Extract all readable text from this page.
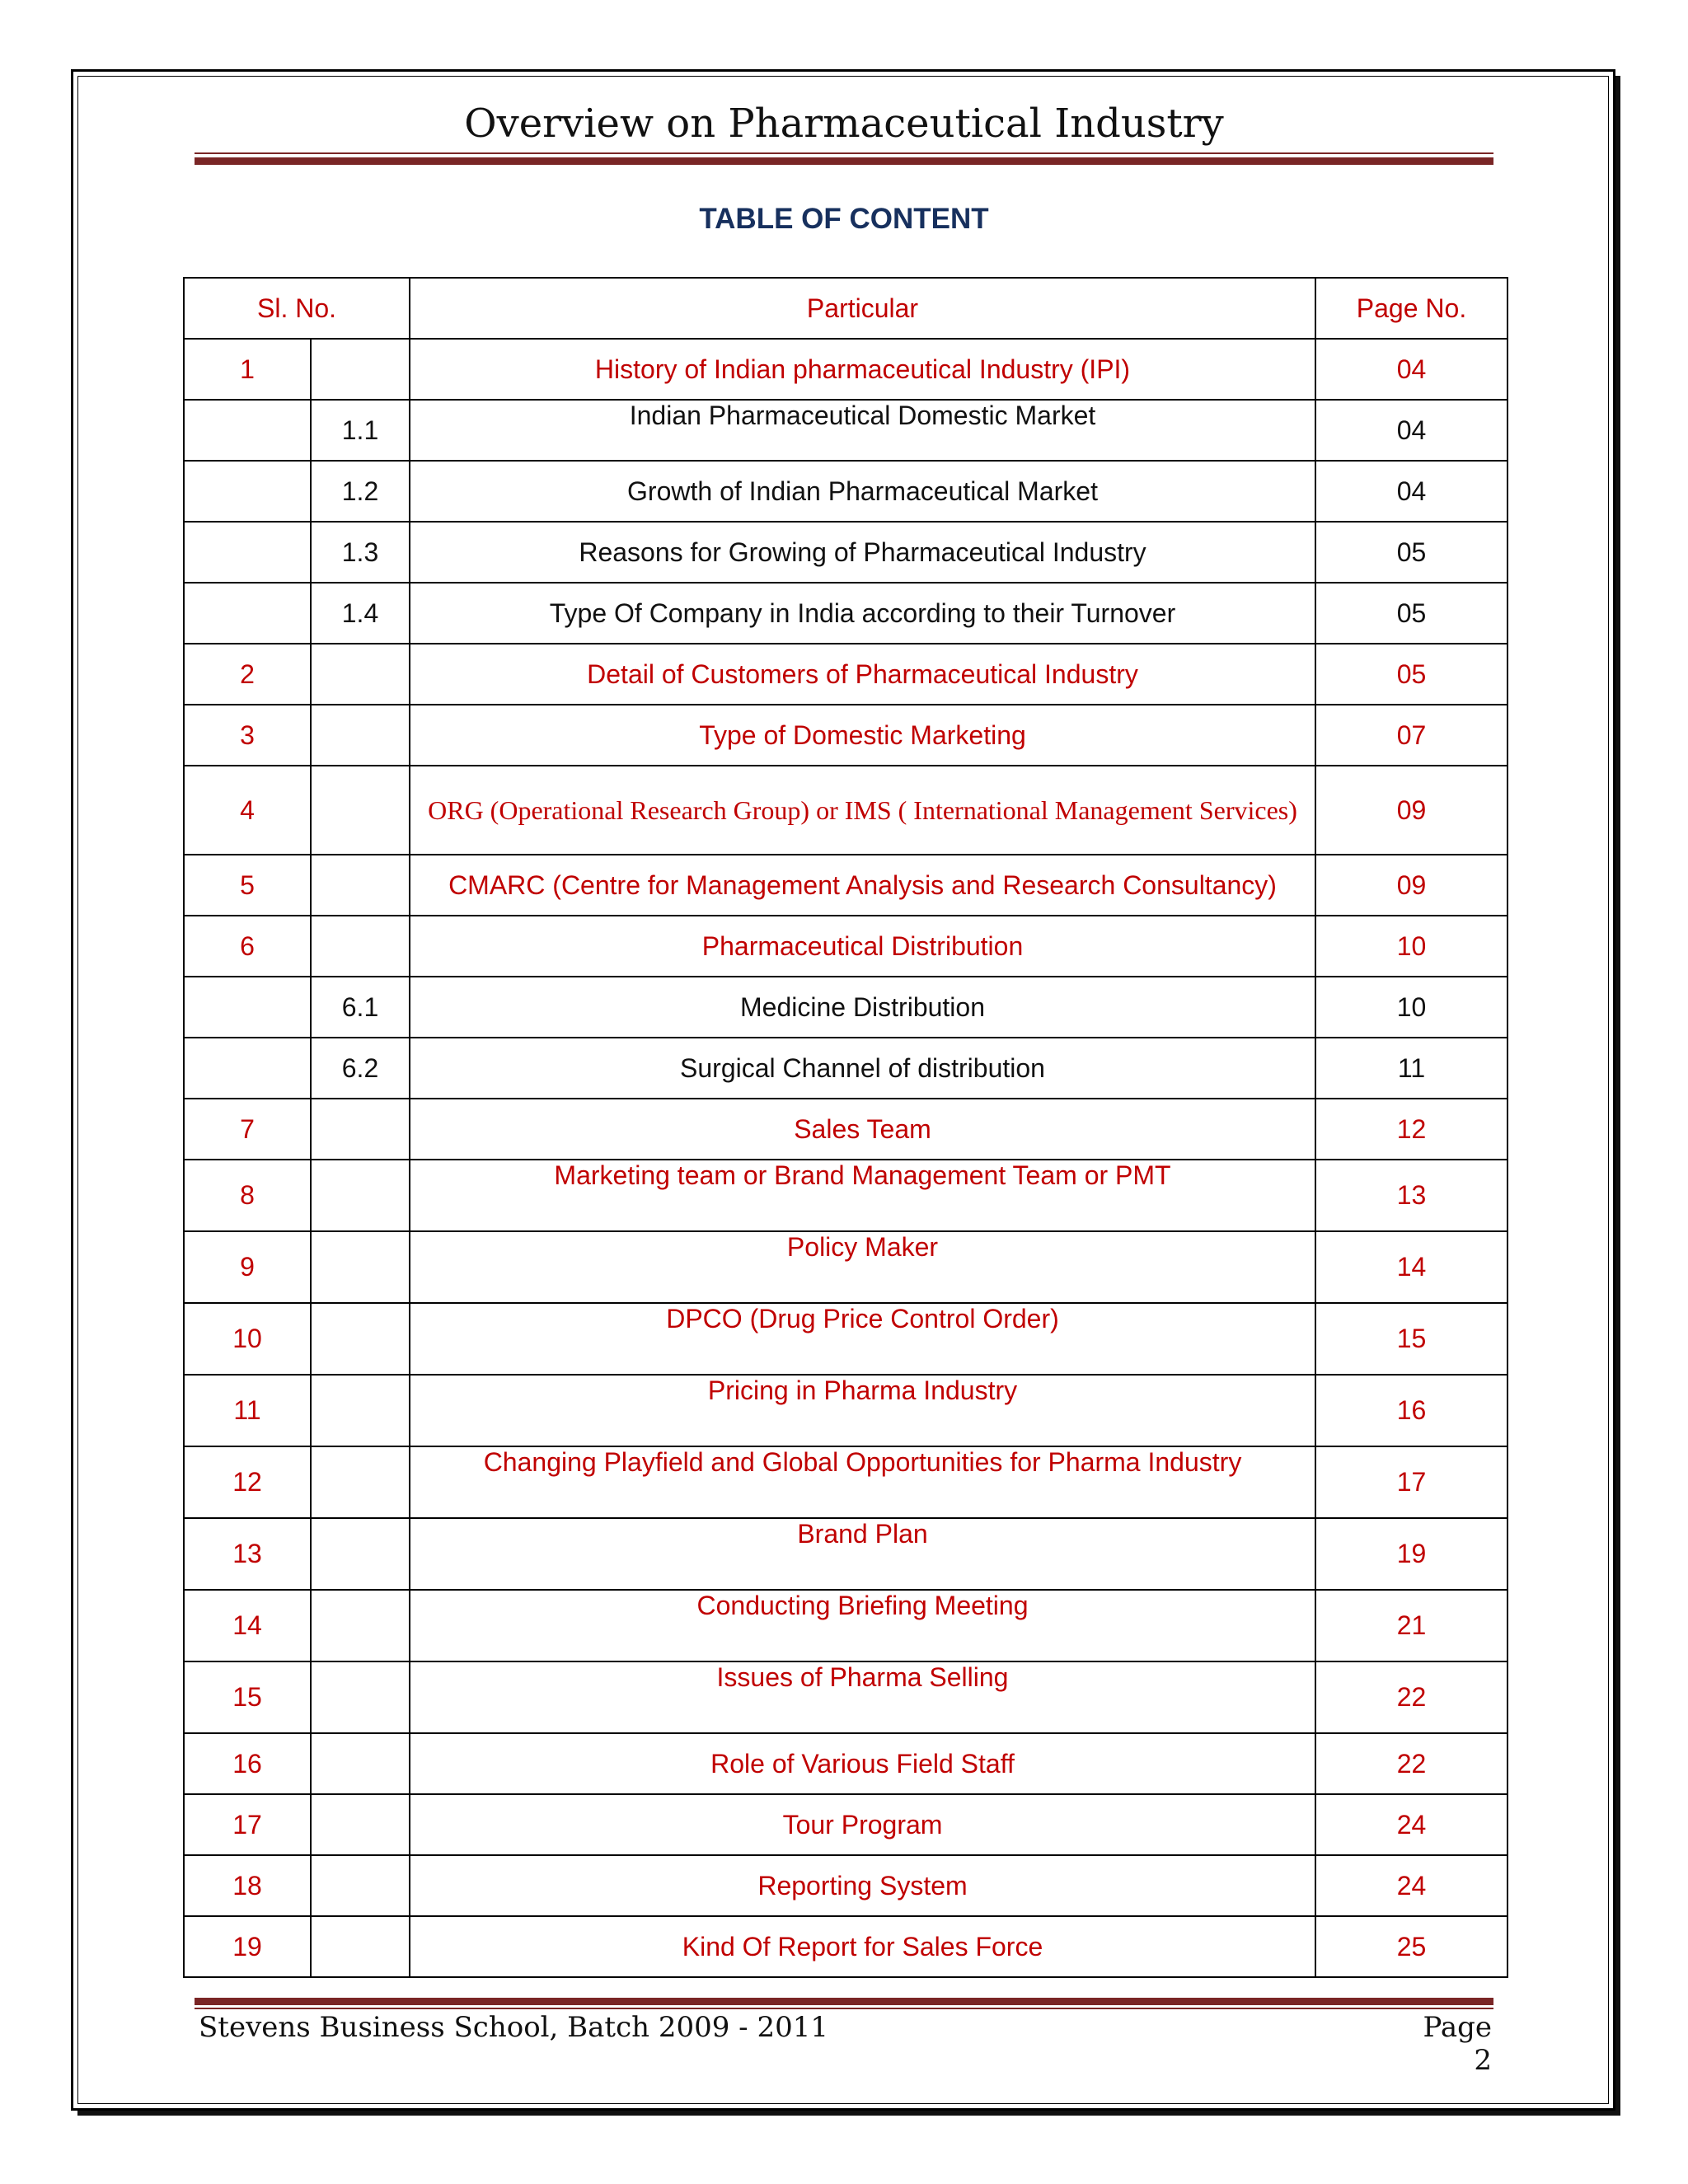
Overview on Pharmaceutical Industry
TABLE OF CONTENT
Sl. No.		Particular	Page No.
1		History of Indian pharmaceutical Industry (IPI)	04
	1.1	Indian Pharmaceutical Domestic Market	04
	1.2	Growth of Indian Pharmaceutical Market	04
	1.3	Reasons for Growing of Pharmaceutical Industry	05
	1.4	Type Of Company in India according to their Turnover	05
2		Detail of Customers of Pharmaceutical Industry	05
3		Type of Domestic Marketing	07
4		ORG (Operational Research Group) or IMS ( International Management Services)	09
5		CMARC (Centre for Management Analysis and Research Consultancy)	09
6		Pharmaceutical Distribution	10
	6.1	Medicine Distribution	10
	6.2	Surgical Channel of distribution	11
7		Sales Team	12
8		Marketing team or Brand Management Team or PMT	13
9		Policy Maker	14
10		DPCO (Drug Price Control Order)	15
11		Pricing in Pharma Industry	16
12		Changing Playfield and Global Opportunities for Pharma Industry	17
13		Brand Plan	19
14		Conducting Briefing Meeting	21
15		Issues of Pharma Selling	22
16		Role of Various Field Staff	22
17		Tour Program	24
18		Reporting System	24
19		Kind Of Report for Sales Force	25
Stevens Business School, Batch 2009 - 2011	Page 2
